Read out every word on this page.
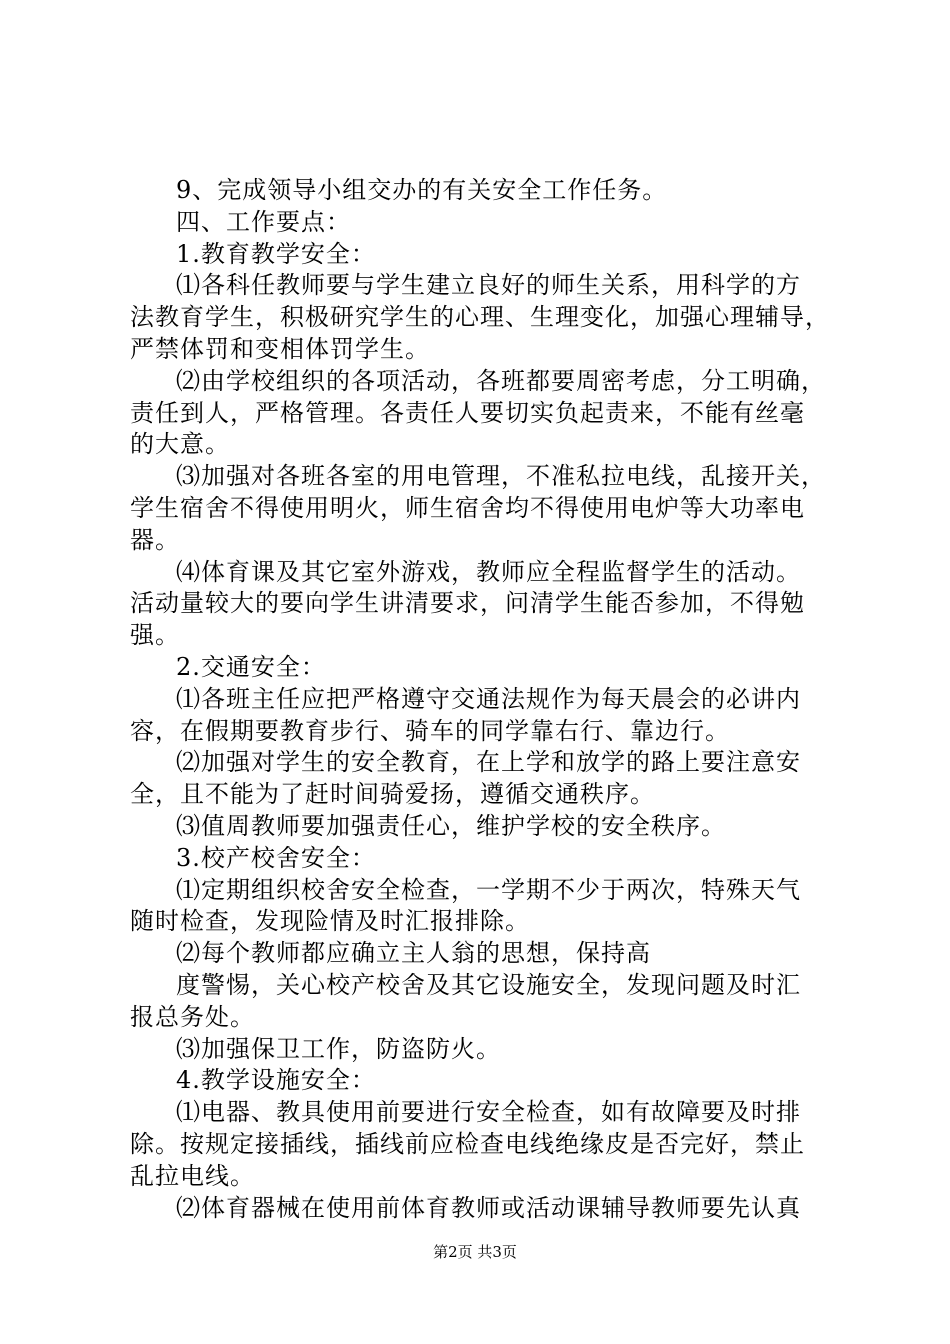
9、完成领导小组交办的有关安全工作任务。
四、工作要点：
1.教育教学安全：
⑴各科任教师要与学生建立良好的师生关系，用科学的方
法教育学生，积极研究学生的心理、生理变化，加强心理辅导，
严禁体罚和变相体罚学生。
⑵由学校组织的各项活动，各班都要周密考虑，分工明确，
责任到人，严格管理。各责任人要切实负起责来，不能有丝毫
的大意。
⑶加强对各班各室的用电管理，不准私拉电线，乱接开关，
学生宿舍不得使用明火，师生宿舍均不得使用电炉等大功率电
器。
⑷体育课及其它室外游戏，教师应全程监督学生的活动。
活动量较大的要向学生讲清要求，问清学生能否参加，不得勉
强。
2.交通安全：
⑴各班主任应把严格遵守交通法规作为每天晨会的必讲内
容，在假期要教育步行、骑车的同学靠右行、靠边行。
⑵加强对学生的安全教育，在上学和放学的路上要注意安
全，且不能为了赶时间骑爱扬，遵循交通秩序。
⑶值周教师要加强责任心，维护学校的安全秩序。
3.校产校舍安全：
⑴定期组织校舍安全检查，一学期不少于两次，特殊天气
随时检查，发现险情及时汇报排除。
⑵每个教师都应确立主人翁的思想，保持高
度警惕，关心校产校舍及其它设施安全，发现问题及时汇
报总务处。
⑶加强保卫工作，防盗防火。
4.教学设施安全：
⑴电器、教具使用前要进行安全检查，如有故障要及时排
除。按规定接插线，插线前应检查电线绝缘皮是否完好，禁止
乱拉电线。
⑵体育器械在使用前体育教师或活动课辅导教师要先认真
第2页 共3页
